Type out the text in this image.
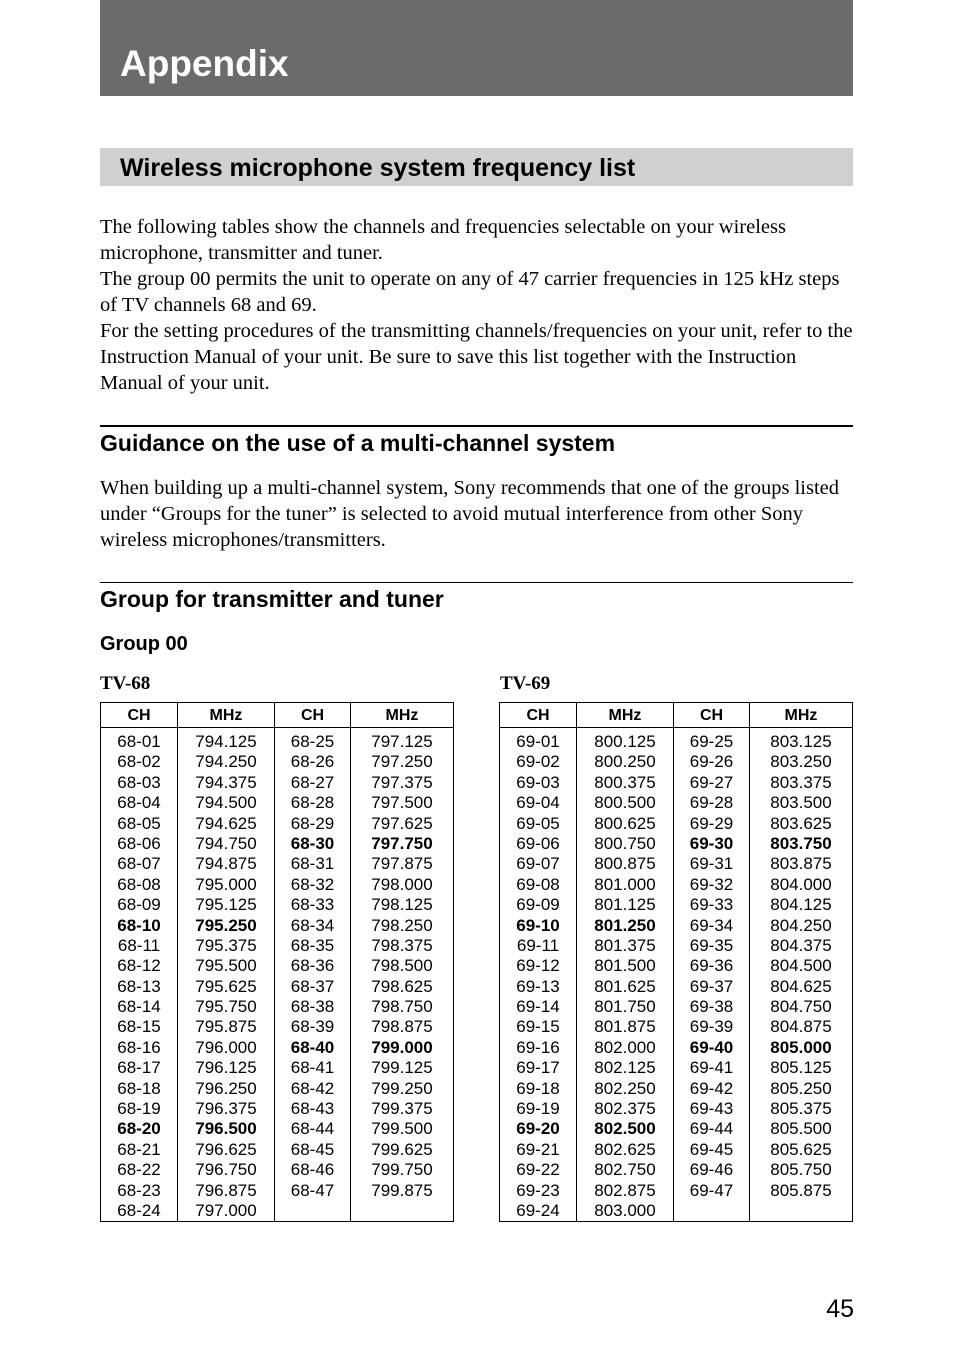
Appendix
Wireless microphone system frequency list

The following tables show the channels and frequencies selectable on your wireless microphone, transmitter and tuner.

The group 00 permits the unit to operate on any of 47 carrier frequencies in 125 kHz steps of TV channels 68 and 69.

For the setting procedures of the transmitting channels/frequencies on your unit, refer to the Instruction Manual of your unit. Be sure to save this list together with the Instruction Manual of your unit.

Guidance on the use of a multi-channel system

When building up a multi-channel system, Sony recommends that one of the groups listed under “Groups for the tuner” is selected to avoid mutual interference from other Sony wireless microphones/transmitters.

Group for transmitter and tuner
Group 00
TV-68	TV-69
CH
68-01
68-02
68-03
68-04
68-05
68-06
68-07
68-08
68-09
68-10
68-11
68-12
68-13
68-14
68-15
68-16
68-17
68-18
68-19
68-20
68-21
68-22
68-23
68-24
MHz
794.125
794.250
794.375
794.500
794.625
794.750
794.875
795.000
795.125
795.250
795.375
795.500
795.625
795.750
795.875
796.000
796.125
796.250
796.375
796.500
796.625
796.750
796.875
797.000
CH
68-25
68-26
68-27
68-28
68-29
68-30
68-31
68-32
68-33
68-34
68-35
68-36
68-37
68-38
68-39
68-40
68-41
68-42
68-43
68-44
68-45
68-46
68-47
MHz
797.125
797.250
797.375
797.500
797.625
797.750
797.875
798.000
798.125
798.250
798.375
798.500
798.625
798.750
798.875
799.000
799.125
799.250
799.375
799.500
799.625
799.750
799.875
CH
69-01
69-02
69-03
69-04
69-05
69-06
69-07
69-08
69-09
69-10
69-11
69-12
69-13
69-14
69-15
69-16
69-17
69-18
69-19
69-20
69-21
69-22
69-23
69-24
MHz
800.125
800.250
800.375
800.500
800.625
800.750
800.875
801.000
801.125
801.250
801.375
801.500
801.625
801.750
801.875
802.000
802.125
802.250
802.375
802.500
802.625
802.750
802.875
803.000
CH
69-25
69-26
69-27
69-28
69-29
69-30
69-31
69-32
69-33
69-34
69-35
69-36
69-37
69-38
69-39
69-40
69-41
69-42
69-43
69-44
69-45
69-46
69-47
MHz
803.125
803.250
803.375
803.500
803.625
803.750
803.875
804.000
804.125
804.250
804.375
804.500
804.625
804.750
804.875
805.000
805.125
805.250
805.375
805.500
805.625
805.750
805.875
45
